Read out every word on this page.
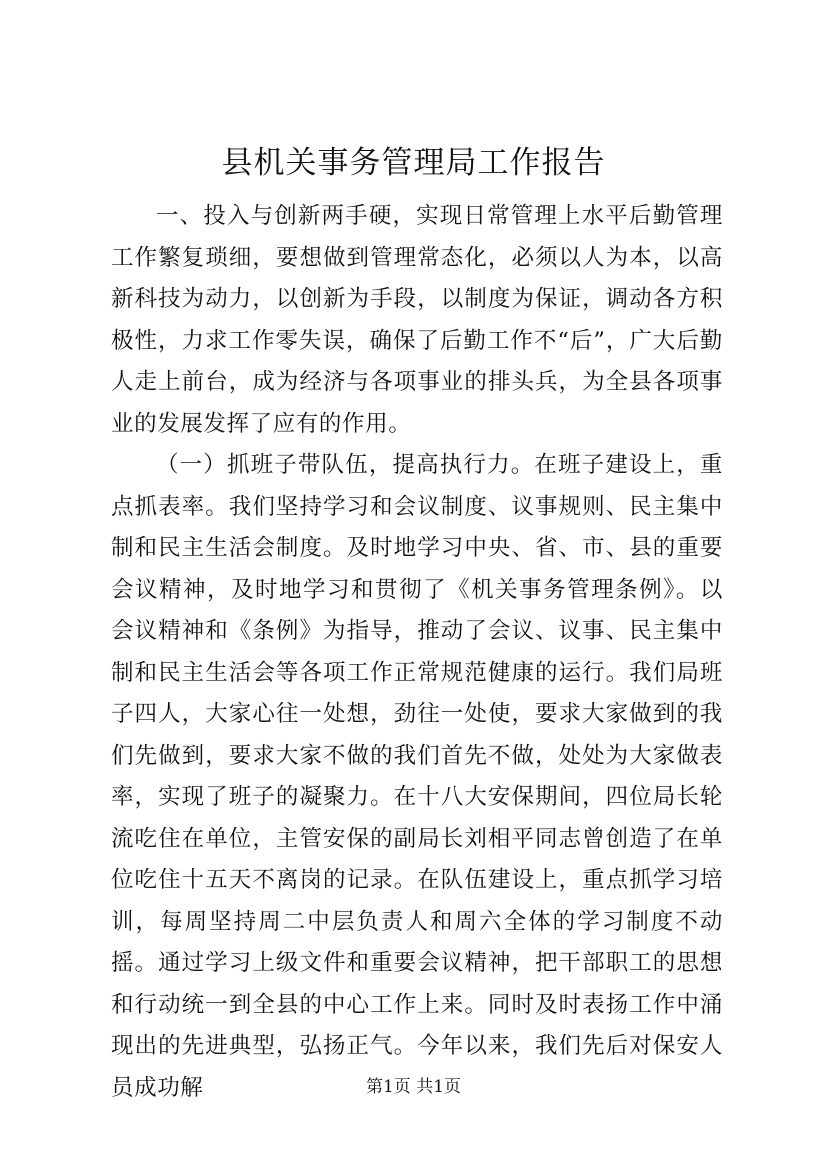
县机关事务管理局工作报告

一、投入与创新两手硬，实现日常管理上水平后勤管理工作繁复琐细，要想做到管理常态化，必须以人为本，以高新科技为动力，以创新为手段，以制度为保证，调动各方积极性，力求工作零失误，确保了后勤工作不“后”，广大后勤人走上前台，成为经济与各项事业的排头兵，为全县各项事业的发展发挥了应有的作用。

（一）抓班子带队伍，提高执行力。在班子建设上，重点抓表率。我们坚持学习和会议制度、议事规则、民主集中制和民主生活会制度。及时地学习中央、省、市、县的重要会议精神，及时地学习和贯彻了《机关事务管理条例》。以会议精神和《条例》为指导，推动了会议、议事、民主集中制和民主生活会等各项工作正常规范健康的运行。我们局班子四人，大家心往一处想，劲往一处使，要求大家做到的我们先做到，要求大家不做的我们首先不做，处处为大家做表率，实现了班子的凝聚力。在十八大安保期间，四位局长轮流吃住在单位，主管安保的副局长刘相平同志曾创造了在单位吃住十五天不离岗的记录。在队伍建设上，重点抓学习培训，每周坚持周二中层负责人和周六全体的学习制度不动摇。通过学习上级文件和重要会议精神，把干部职工的思想和行动统一到全县的中心工作上来。同时及时表扬工作中涌现出的先进典型，弘扬正气。今年以来，我们先后对保安人员成功解	第1页 共1页
